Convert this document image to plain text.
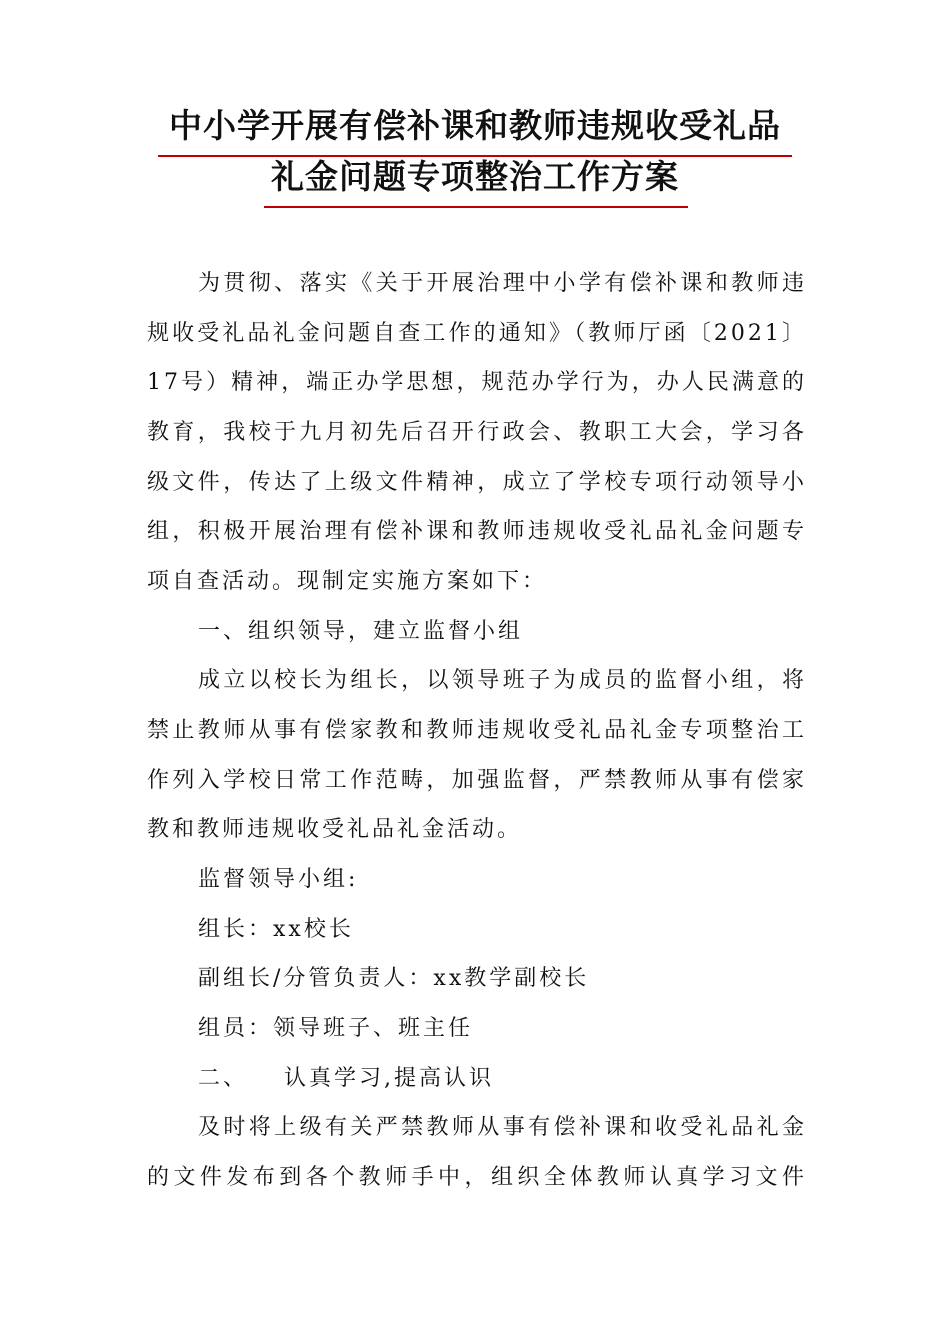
中小学开展有偿补课和教师违规收受礼品
礼金问题专项整治工作方案

为贯彻、落实《关于开展治理中小学有偿补课和教师违规收受礼品礼金问题自查工作的通知》（教师厅函〔2021〕17号）精神，端正办学思想，规范办学行为，办人民满意的教育，我校于九月初先后召开行政会、教职工大会，学习各级文件，传达了上级文件精神，成立了学校专项行动领导小组，积极开展治理有偿补课和教师违规收受礼品礼金问题专项自查活动。现制定实施方案如下：

一、组织领导，建立监督小组

成立以校长为组长，以领导班子为成员的监督小组，将禁止教师从事有偿家教和教师违规收受礼品礼金专项整治工作列入学校日常工作范畴，加强监督，严禁教师从事有偿家教和教师违规收受礼品礼金活动。

监督领导小组:

组长：xx校长

副组长/分管负责人：xx教学副校长

组员：领导班子、班主任

二、 认真学习,提高认识

及时将上级有关严禁教师从事有偿补课和收受礼品礼金的文件发布到各个教师手中，组织全体教师认真学习文件
